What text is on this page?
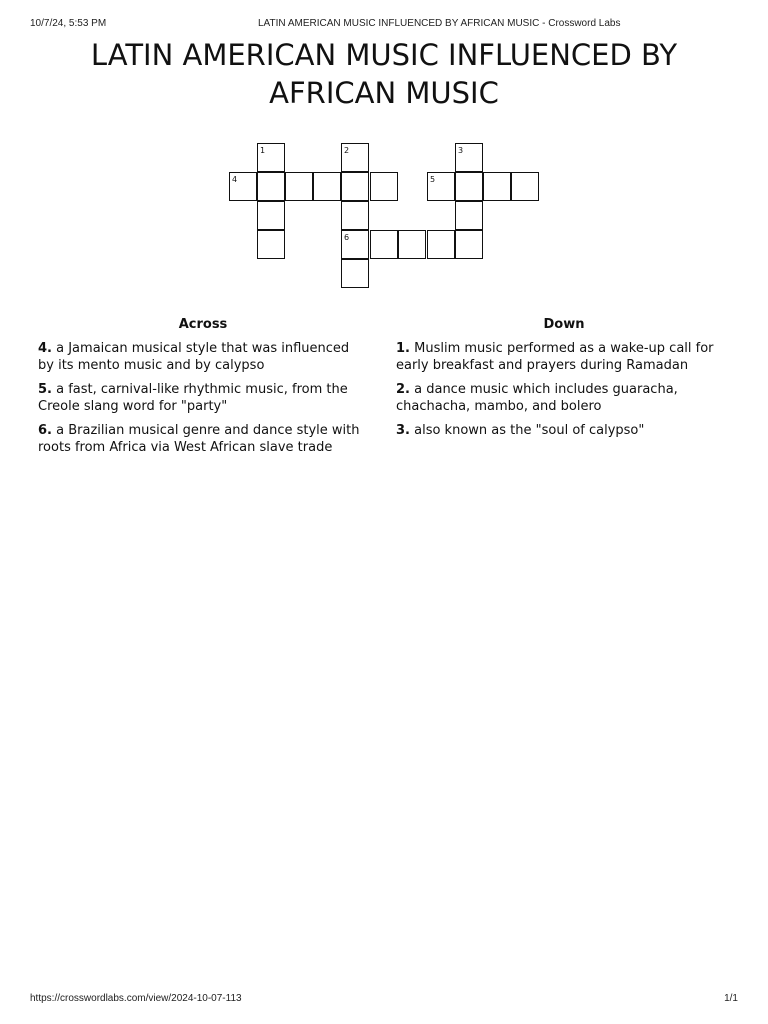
10/7/24, 5:53 PM	LATIN AMERICAN MUSIC INFLUENCED BY AFRICAN MUSIC - Crossword Labs
LATIN AMERICAN MUSIC INFLUENCED BY
AFRICAN MUSIC
1
4
2
6
3
5
Across

4. a Jamaican musical style that was influenced by its mento music and by calypso

5. a fast, carnival-like rhythmic music, from the Creole slang word for "party"

6. a Brazilian musical genre and dance style with roots from Africa via West African slave trade

Down

1. Muslim music performed as a wake-up call for early breakfast and prayers during Ramadan

2. a dance music which includes guaracha, chachacha, mambo, and bolero

3. also known as the "soul of calypso"

https://crosswordlabs.com/view/2024-10-07-113	1/1
